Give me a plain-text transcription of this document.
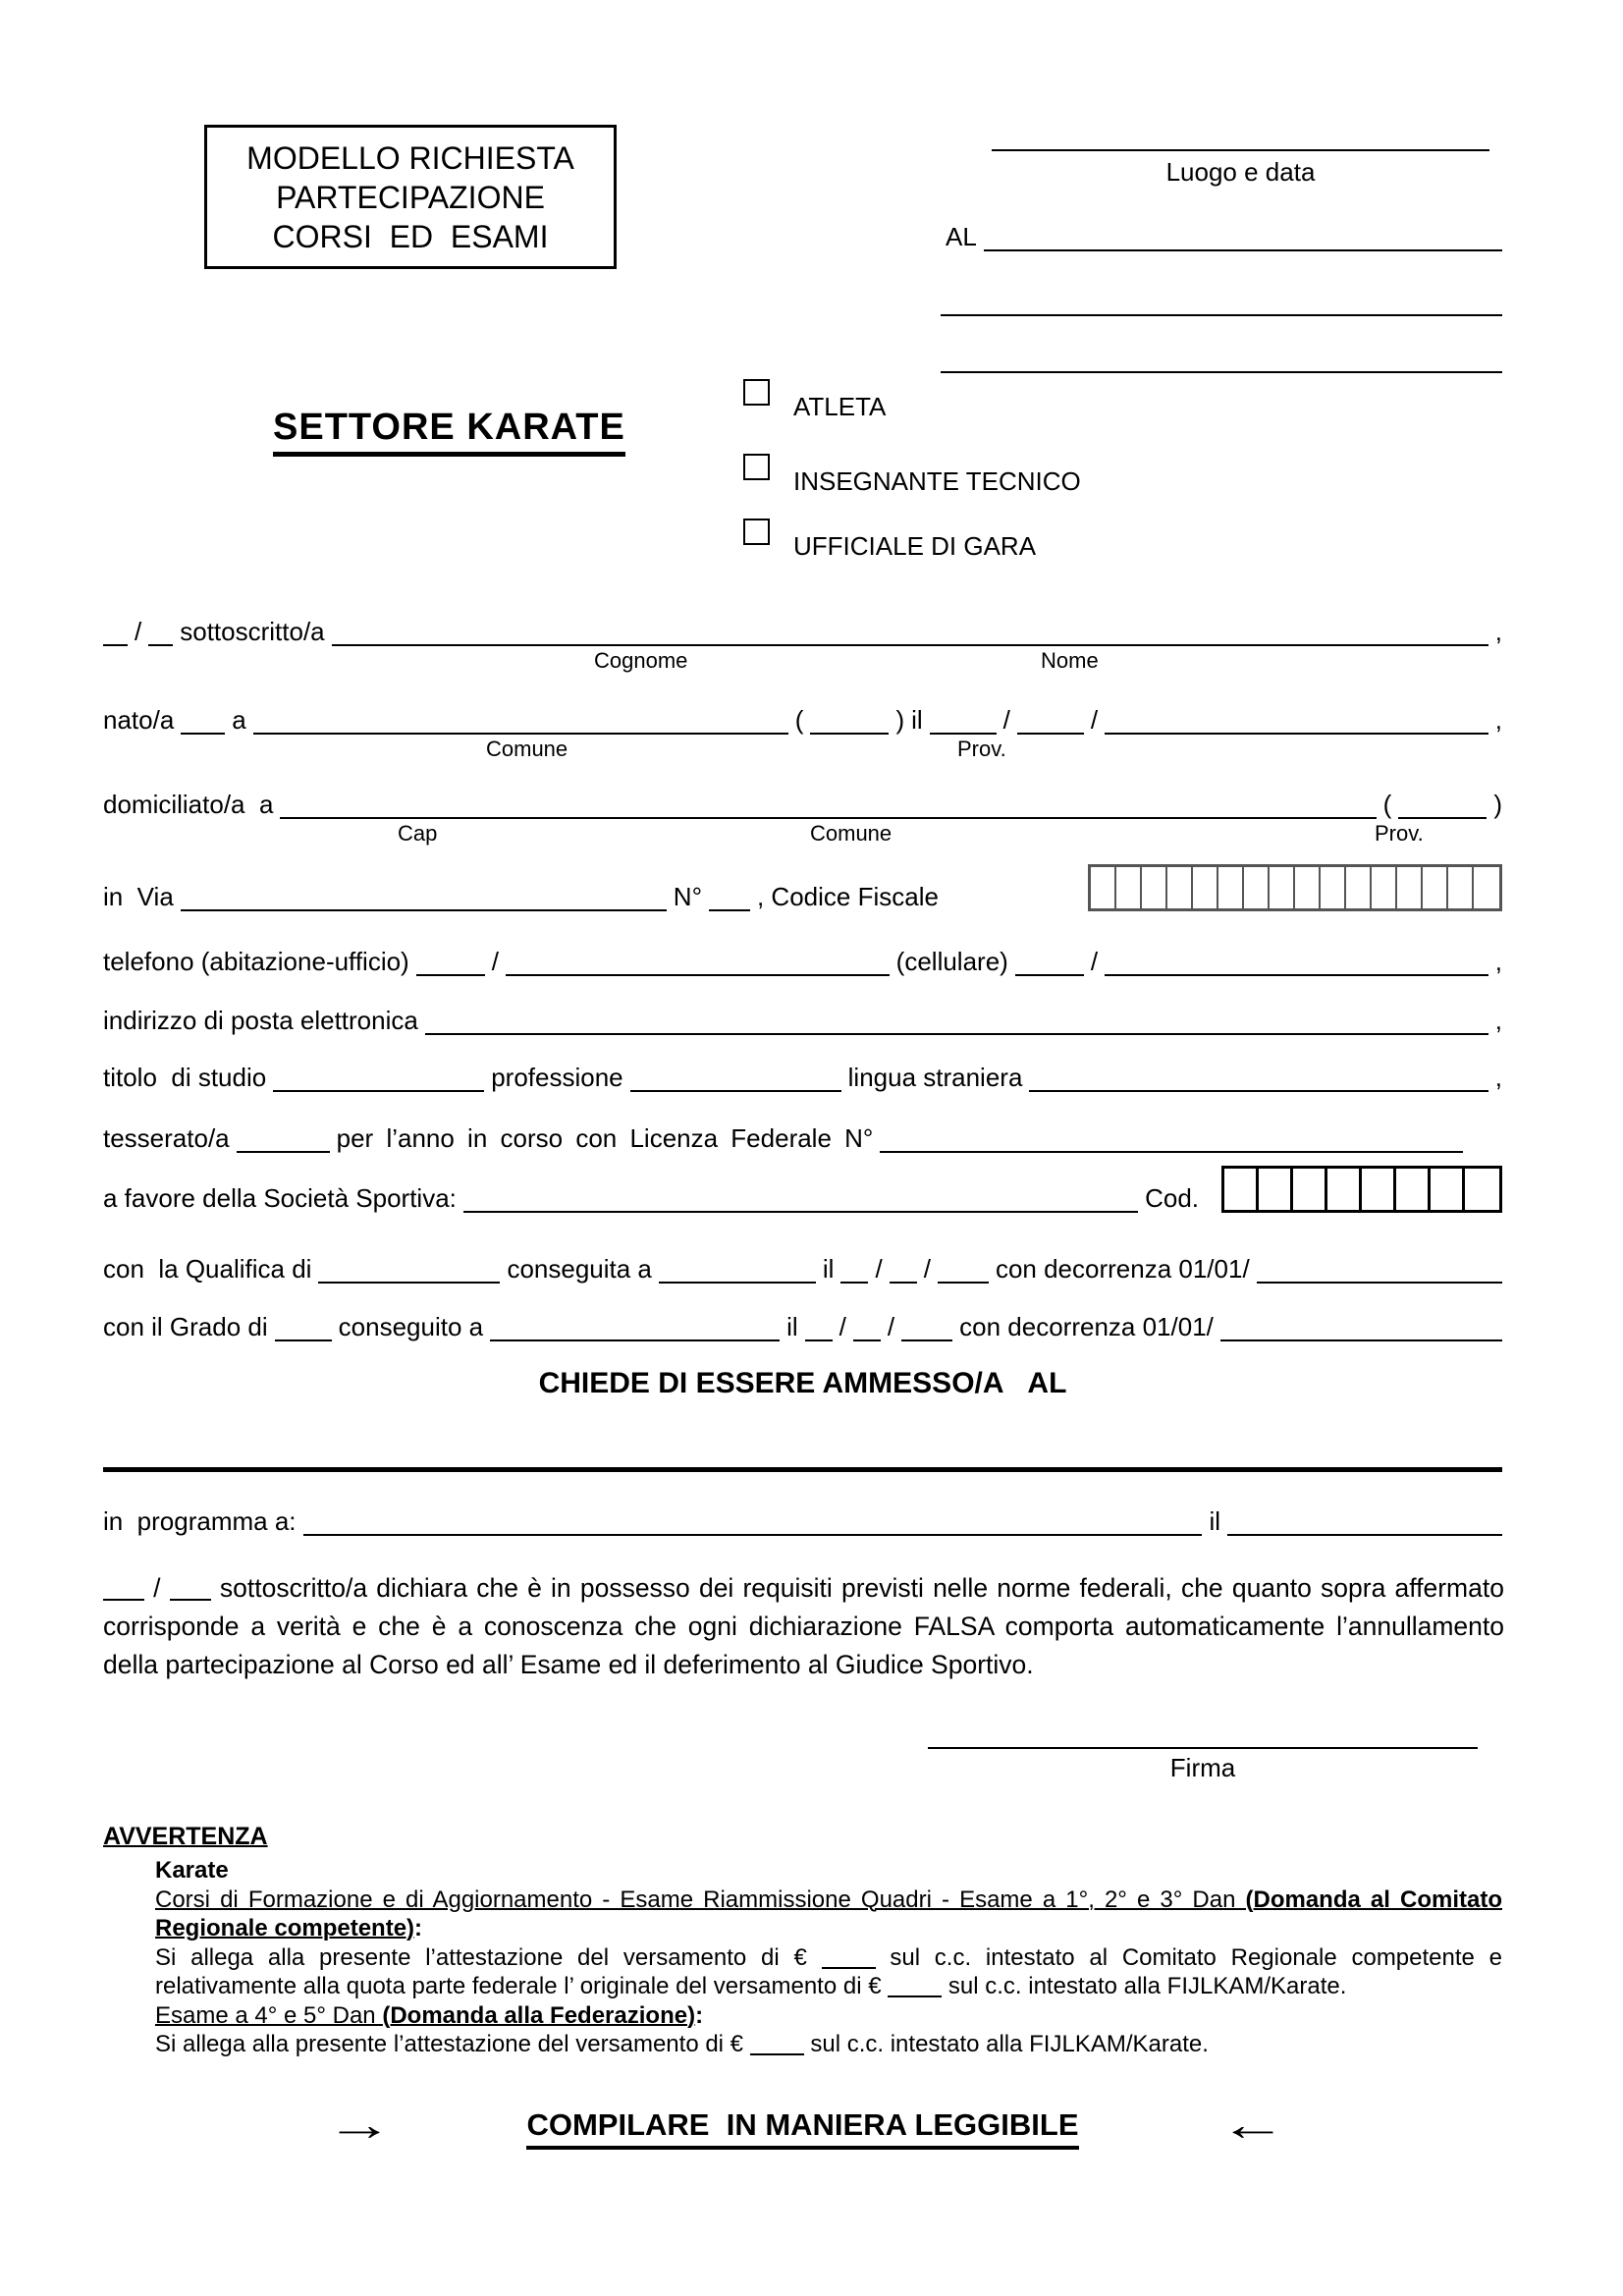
MODELLO RICHIESTA
PARTECIPAZIONE
CORSI  ED  ESAMI
Luogo e data
AL
SETTORE KARATE	ATLETA
INSEGNANTE TECNICO
UFFICIALE DI GARA
/ sottoscritto/a	,
Cognome	Nome
nato/a a	(	) il	/	/	,
Comune	Prov.
domiciliato/a  a	(	)
Cap	Comune	Prov.
in  Via	N° , Codice Fiscale
telefono (abitazione-ufficio)	/	(cellulare)	/	,
indirizzo di posta elettronica	,
titolo  di studio	professione	lingua straniera	,
tesserato/a	per l’anno in corso con Licenza Federale N°
a favore della Società Sportiva:	Cod.
con  la Qualifica di	conseguita a	il / /	con decorrenza 01/01/
con il Grado di	conseguito a	il / /	con decorrenza 01/01/
CHIEDE DI ESSERE AMMESSO/A   AL
in  programma a:	il
/ sottoscritto/a dichiara che è in possesso dei requisiti previsti nelle norme federali, che quanto sopra affermato corrisponde a verità e che è a conoscenza che ogni dichiarazione FALSA comporta automaticamente l’annullamento della partecipazione al Corso ed all’ Esame ed il deferimento al Giudice Sportivo.
Firma
AVVERTENZA
Karate
Corsi di Formazione e di Aggiornamento - Esame Riammissione Quadri - Esame a 1°, 2° e 3° Dan (Domanda al Comitato Regionale competente):
Si allega alla presente l’attestazione del versamento di €	sul c.c. intestato al Comitato Regionale competente e relativamente alla quota parte federale l’ originale del versamento di €	sul c.c. intestato alla FIJLKAM/Karate.
Esame a 4° e 5° Dan (Domanda alla Federazione):
Si allega alla presente l’attestazione del versamento di €	sul c.c. intestato alla FIJLKAM/Karate.
→	COMPILARE  IN MANIERA LEGGIBILE	←
